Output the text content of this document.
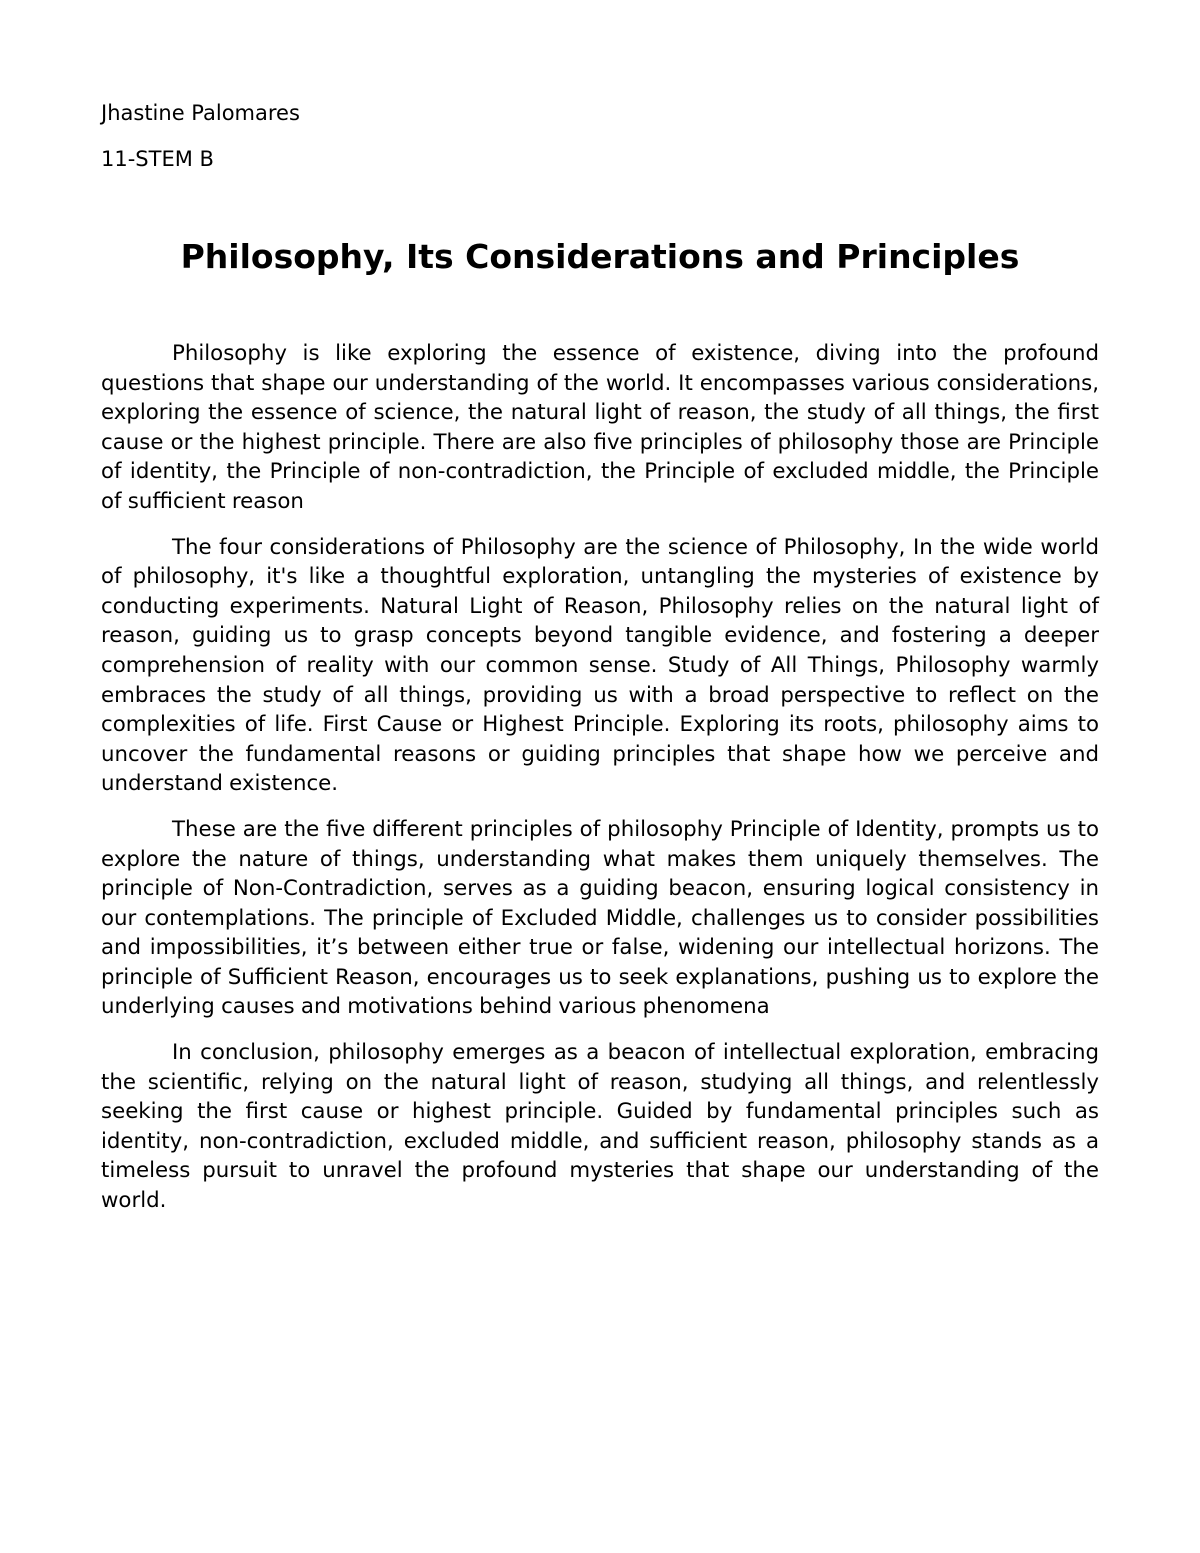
Jhastine Palomares
11-STEM B
Philosophy, Its Considerations and Principles

Philosophy is like exploring the essence of existence, diving into the profound questions that shape our understanding of the world. It encompasses various considerations, exploring the essence of science, the natural light of reason, the study of all things, the first cause or the highest principle. There are also five principles of philosophy those are Principle of identity, the Principle of non-contradiction, the Principle of excluded middle, the Principle of sufficient reason

The four considerations of Philosophy are the science of Philosophy, In the wide world of philosophy, it's like a thoughtful exploration, untangling the mysteries of existence by conducting experiments. Natural Light of Reason, Philosophy relies on the natural light of reason, guiding us to grasp concepts beyond tangible evidence, and fostering a deeper comprehension of reality with our common sense. Study of All Things, Philosophy warmly embraces the study of all things, providing us with a broad perspective to reflect on the complexities of life. First Cause or Highest Principle. Exploring its roots, philosophy aims to uncover the fundamental reasons or guiding principles that shape how we perceive and understand existence.

These are the five different principles of philosophy Principle of Identity, prompts us to explore the nature of things, understanding what makes them uniquely themselves. The principle of Non-Contradiction, serves as a guiding beacon, ensuring logical consistency in our contemplations. The principle of Excluded Middle, challenges us to consider possibilities and impossibilities, it’s between either true or false, widening our intellectual horizons. The principle of Sufficient Reason, encourages us to seek explanations, pushing us to explore the underlying causes and motivations behind various phenomena

In conclusion, philosophy emerges as a beacon of intellectual exploration, embracing the scientific, relying on the natural light of reason, studying all things, and relentlessly seeking the first cause or highest principle. Guided by fundamental principles such as identity, non-contradiction, excluded middle, and sufficient reason, philosophy stands as a timeless pursuit to unravel the profound mysteries that shape our understanding of the world.
